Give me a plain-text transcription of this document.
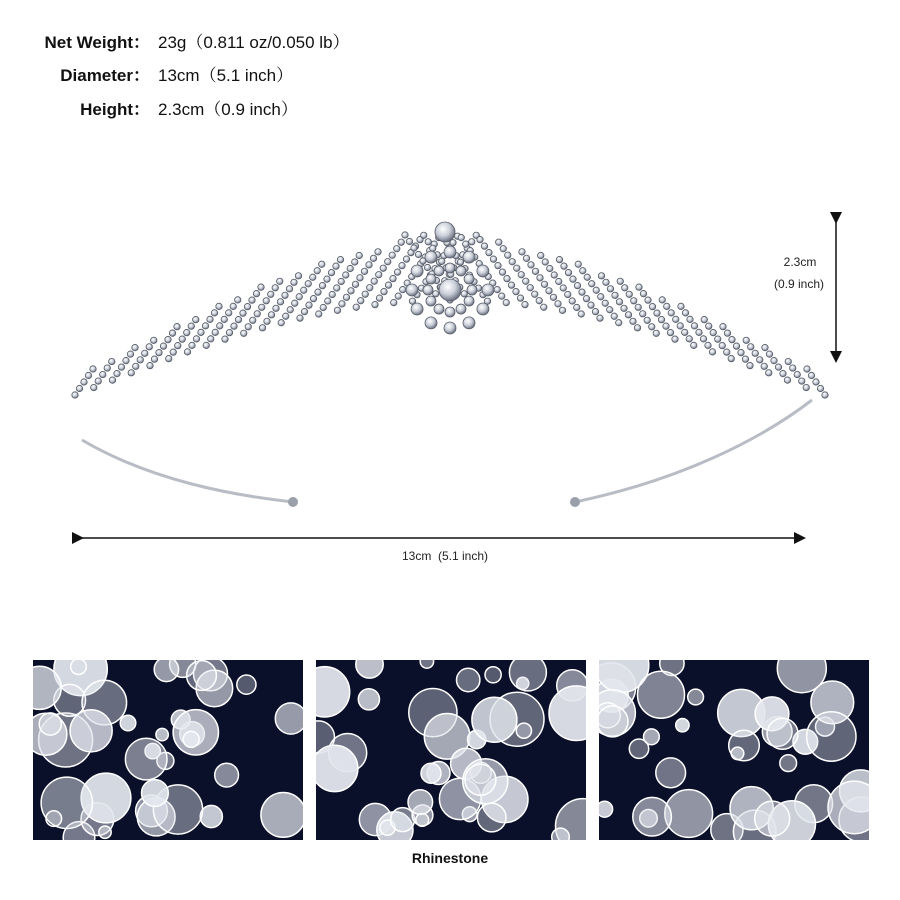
Net Weight： 23g（0.811 oz/0.050 lb）
Diameter： 13cm（5.1 inch）
Height： 2.3cm（0.9 inch）
2.3cm
(0.9 inch)
13cm  (5.1 inch)
Rhinestone
